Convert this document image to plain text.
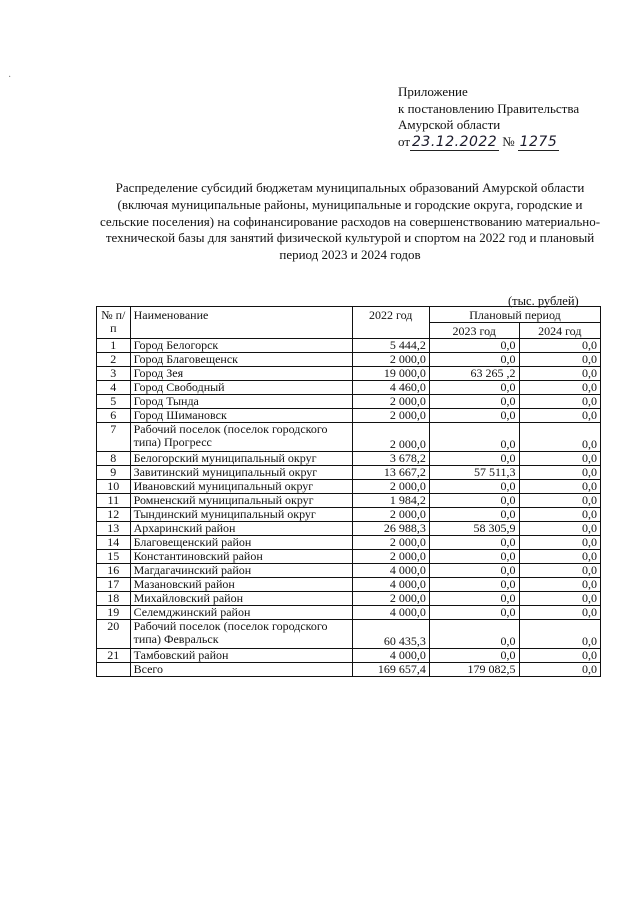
·
Приложение
к постановлению Правительства
Амурской области
от 23.12.2022 № 1275
Распределение субсидий бюджетам муниципальных образований Амурской области (включая муниципальные районы, муниципальные и городские округа, городские и сельские поселения) на софинансирование расходов на совершенствованию материально-технической базы для занятий физической культурой и спортом на 2022 год и плановый период 2023 и 2024 годов
(тыс. рублей)
№ п/п	Наименование	2022 год	Плановый период	
			2023 год	2024 год
1	Город Белогорск	5 444,2	0,0	0,0
2	Город Благовещенск	2 000,0	0,0	0,0
3	Город Зея	19 000,0	63 265 ,2	0,0
4	Город Свободный	4 460,0	0,0	0,0
5	Город Тында	2 000,0	0,0	0,0
6	Город Шимановск	2 000,0	0,0	0,0
7	Рабочий поселок (поселок городского типа) Прогресс	2 000,0	0,0	0,0
8	Белогорский муниципальный округ	3 678,2	0,0	0,0
9	Завитинский муниципальный округ	13 667,2	57 511,3	0,0
10	Ивановский муниципальный округ	2 000,0	0,0	0,0
11	Ромненский муниципальный округ	1 984,2	0,0	0,0
12	Тындинский муниципальный округ	2 000,0	0,0	0,0
13	Архаринский район	26 988,3	58 305,9	0,0
14	Благовещенский район	2 000,0	0,0	0,0
15	Константиновский район	2 000,0	0,0	0,0
16	Магдагачинский район	4 000,0	0,0	0,0
17	Мазановский район	4 000,0	0,0	0,0
18	Михайловский район	2 000,0	0,0	0,0
19	Селемджинский район	4 000,0	0,0	0,0
20	Рабочий поселок (поселок городского типа) Февральск	60 435,3	0,0	0,0
21	Тамбовский район	4 000,0	0,0	0,0
	Всего	169 657,4	179 082,5	0,0
